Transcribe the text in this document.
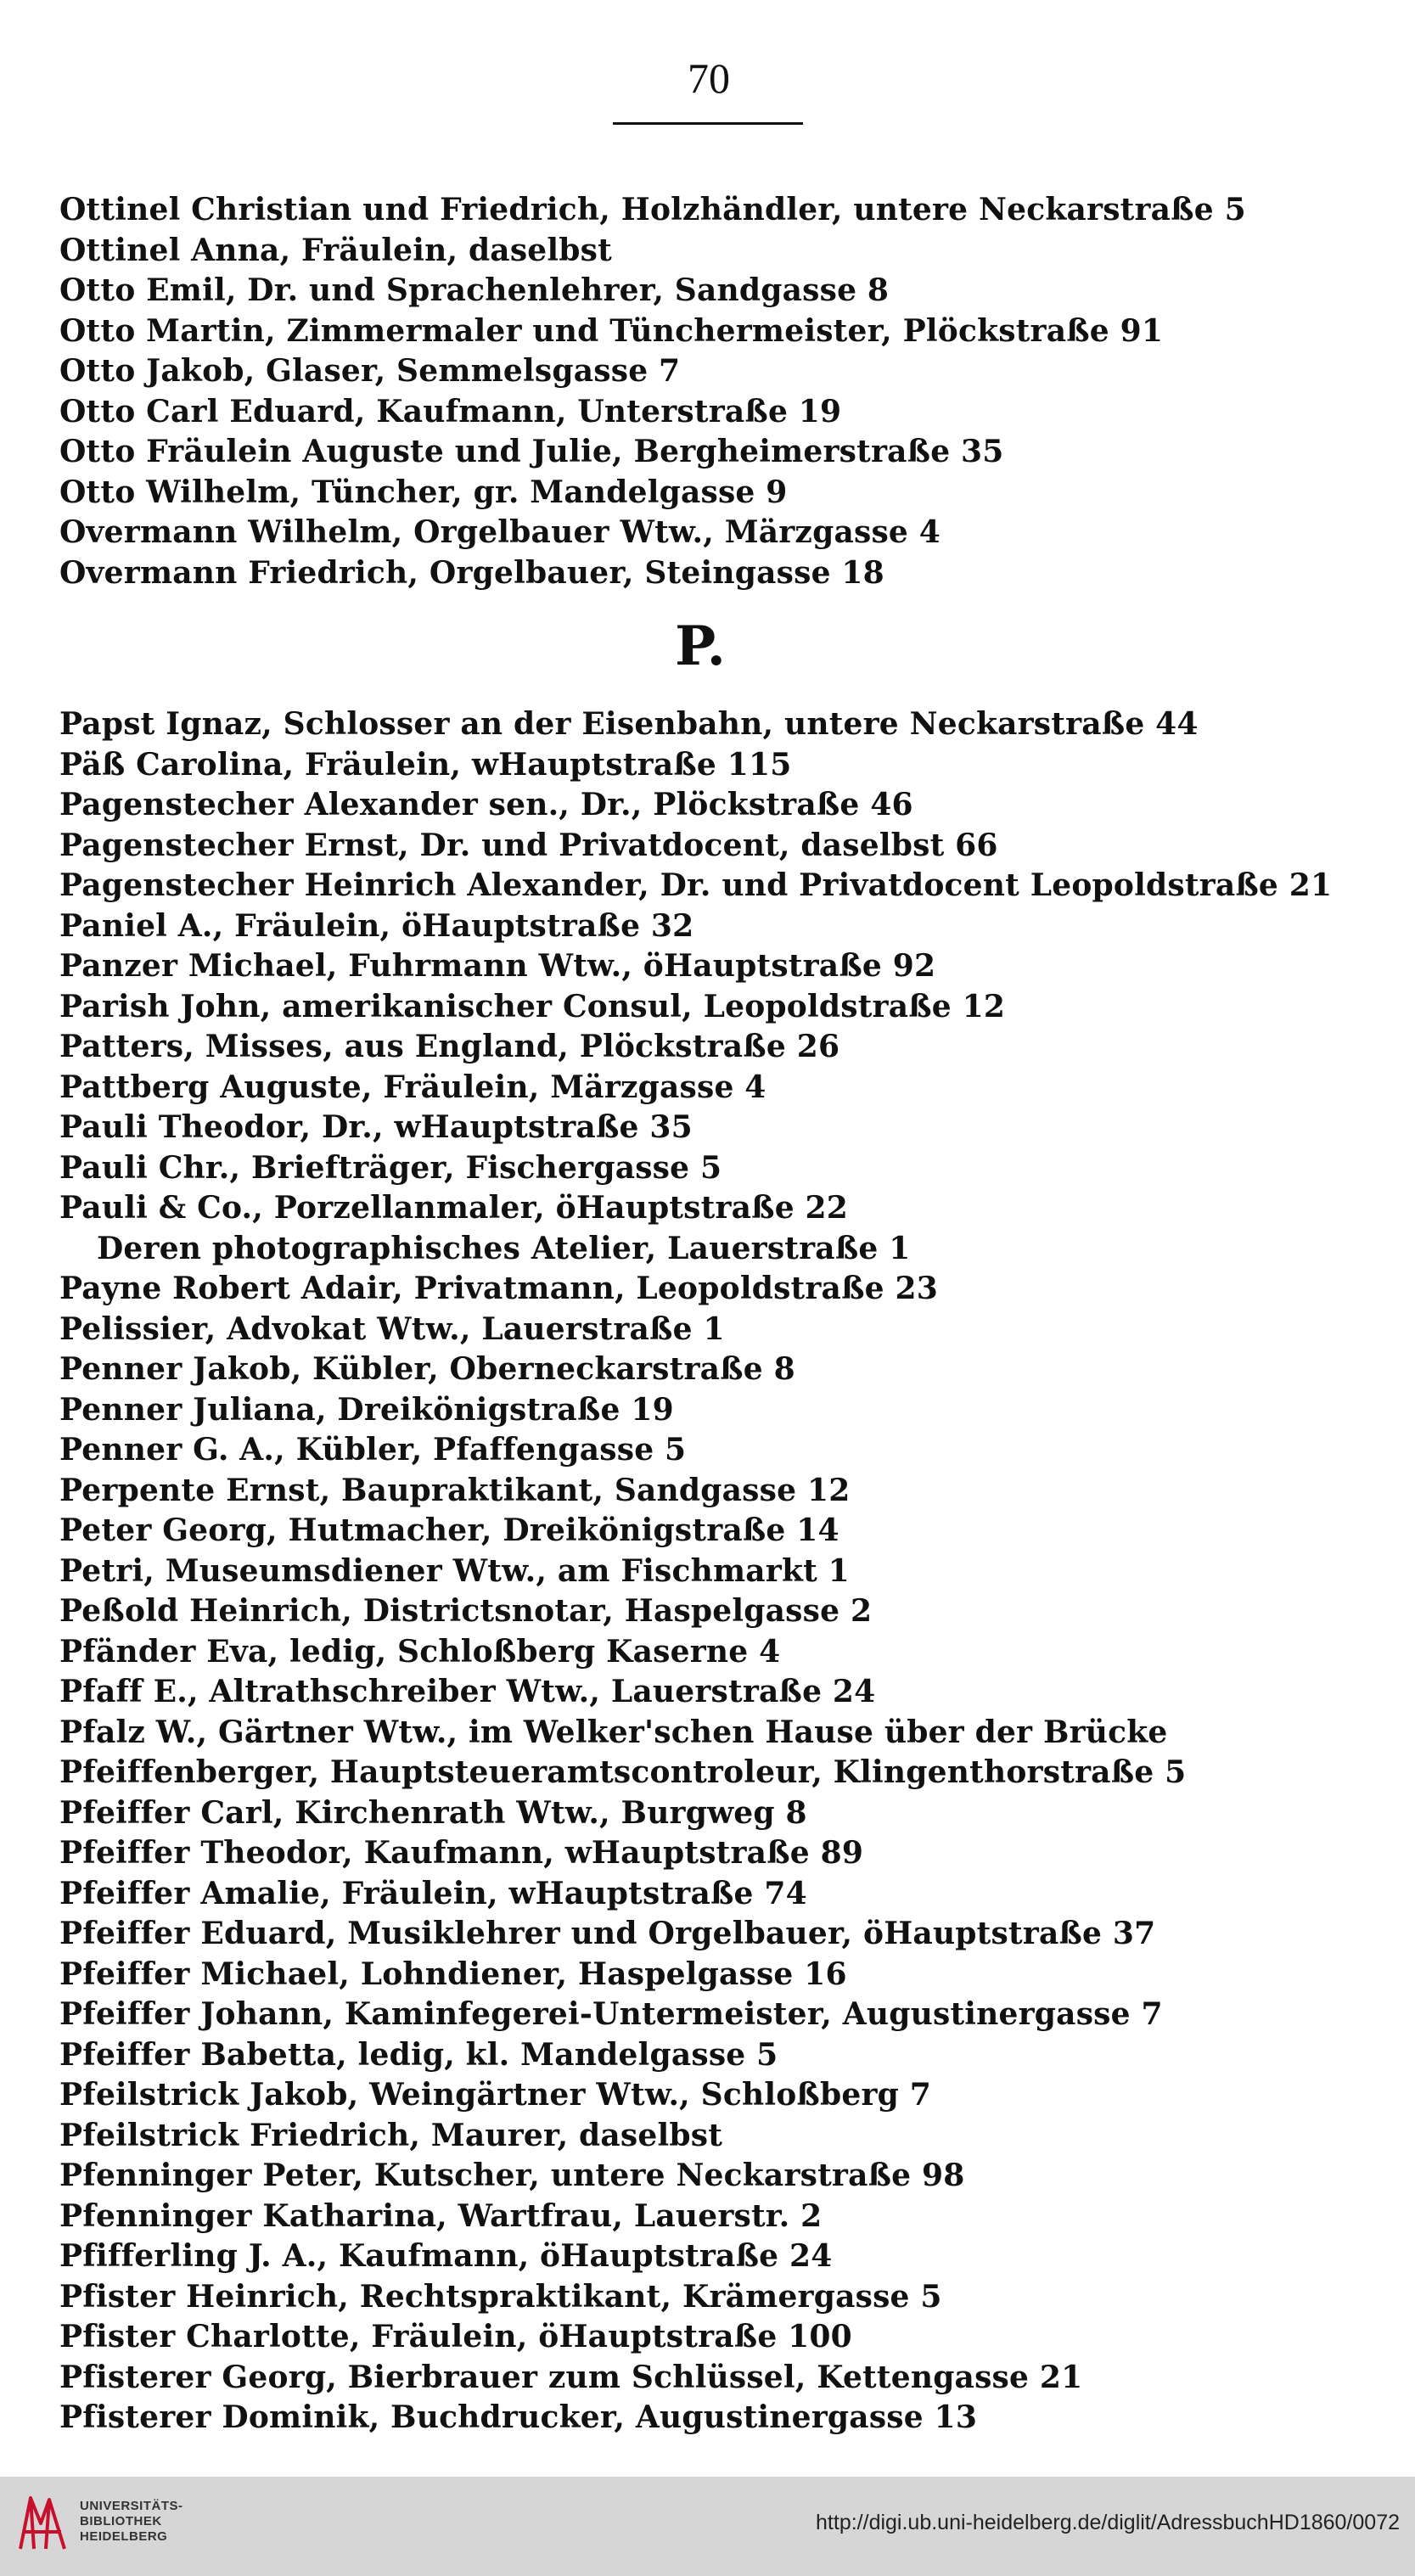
70
Ottinel Christian und Friedrich, Holzhändler, untere Neckarstraße 5
Ottinel Anna, Fräulein, daselbst
Otto Emil, Dr. und Sprachenlehrer, Sandgasse 8
Otto Martin, Zimmermaler und Tünchermeister, Plöckstraße 91
Otto Jakob, Glaser, Semmelsgasse 7
Otto Carl Eduard, Kaufmann, Unterstraße 19
Otto Fräulein Auguste und Julie, Bergheimerstraße 35
Otto Wilhelm, Tüncher, gr. Mandelgasse 9
Overmann Wilhelm, Orgelbauer Wtw., Märzgasse 4
Overmann Friedrich, Orgelbauer, Steingasse 18
P.
Papst Ignaz, Schlosser an der Eisenbahn, untere Neckarstraße 44
Päß Carolina, Fräulein, wHauptstraße 115
Pagenstecher Alexander sen., Dr., Plöckstraße 46
Pagenstecher Ernst, Dr. und Privatdocent, daselbst 66
Pagenstecher Heinrich Alexander, Dr. und Privatdocent Leopoldstraße 21
Paniel A., Fräulein, öHauptstraße 32
Panzer Michael, Fuhrmann Wtw., öHauptstraße 92
Parish John, amerikanischer Consul, Leopoldstraße 12
Patters, Misses, aus England, Plöckstraße 26
Pattberg Auguste, Fräulein, Märzgasse 4
Pauli Theodor, Dr., wHauptstraße 35
Pauli Chr., Briefträger, Fischergasse 5
Pauli & Co., Porzellanmaler, öHauptstraße 22
Deren photographisches Atelier, Lauerstraße 1
Payne Robert Adair, Privatmann, Leopoldstraße 23
Pelissier, Advokat Wtw., Lauerstraße 1
Penner Jakob, Kübler, Oberneckarstraße 8
Penner Juliana, Dreikönigstraße 19
Penner G. A., Kübler, Pfaffengasse 5
Perpente Ernst, Baupraktikant, Sandgasse 12
Peter Georg, Hutmacher, Dreikönigstraße 14
Petri, Museumsdiener Wtw., am Fischmarkt 1
Peßold Heinrich, Districtsnotar, Haspelgasse 2
Pfänder Eva, ledig, Schloßberg Kaserne 4
Pfaff E., Altrathschreiber Wtw., Lauerstraße 24
Pfalz W., Gärtner Wtw., im Welker'schen Hause über der Brücke
Pfeiffenberger, Hauptsteueramtscontroleur, Klingenthorstraße 5
Pfeiffer Carl, Kirchenrath Wtw., Burgweg 8
Pfeiffer Theodor, Kaufmann, wHauptstraße 89
Pfeiffer Amalie, Fräulein, wHauptstraße 74
Pfeiffer Eduard, Musiklehrer und Orgelbauer, öHauptstraße 37
Pfeiffer Michael, Lohndiener, Haspelgasse 16
Pfeiffer Johann, Kaminfegerei-Untermeister, Augustinergasse 7
Pfeiffer Babetta, ledig, kl. Mandelgasse 5
Pfeilstrick Jakob, Weingärtner Wtw., Schloßberg 7
Pfeilstrick Friedrich, Maurer, daselbst
Pfenninger Peter, Kutscher, untere Neckarstraße 98
Pfenninger Katharina, Wartfrau, Lauerstr. 2
Pfifferling J. A., Kaufmann, öHauptstraße 24
Pfister Heinrich, Rechtspraktikant, Krämergasse 5
Pfister Charlotte, Fräulein, öHauptstraße 100
Pfisterer Georg, Bierbrauer zum Schlüssel, Kettengasse 21
Pfisterer Dominik, Buchdrucker, Augustinergasse 13
UNIVERSITÄTS-
BIBLIOTHEK
HEIDELBERG
http://digi.ub.uni-heidelberg.de/diglit/AdressbuchHD1860/0072
